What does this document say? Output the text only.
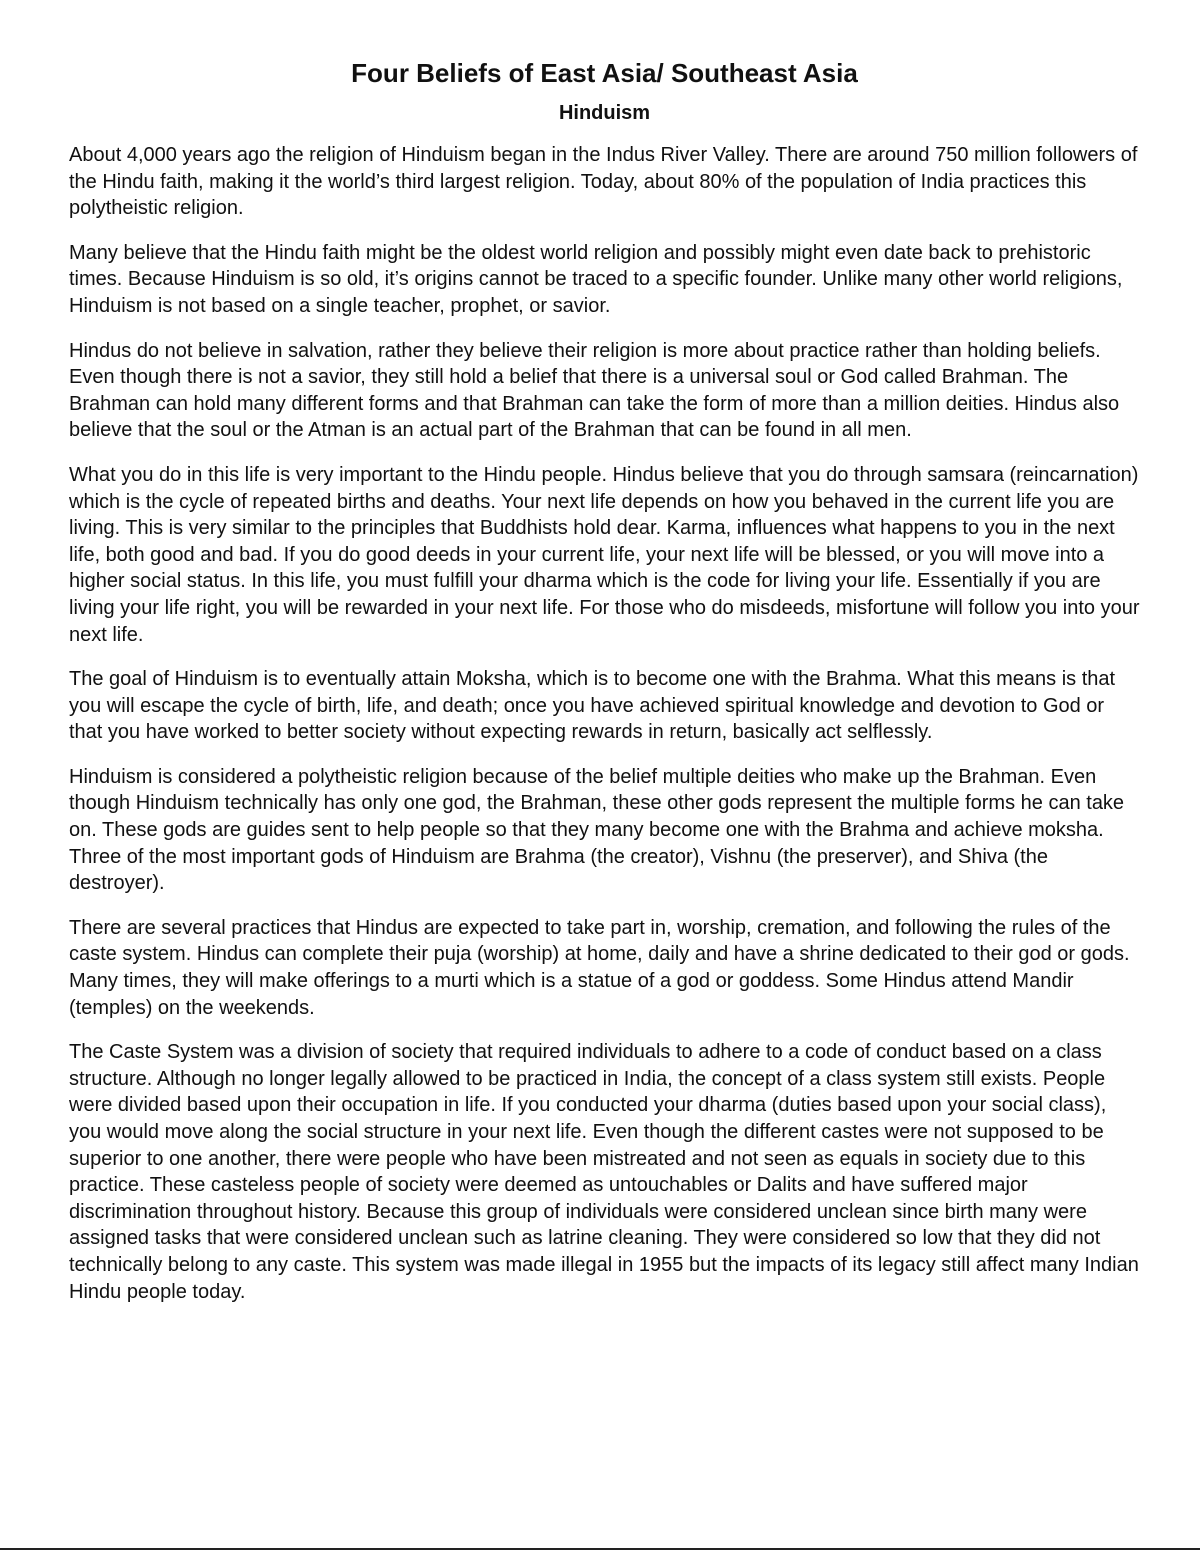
Four Beliefs of East Asia/ Southeast Asia
Hinduism

About 4,000 years ago the religion of Hinduism began in the Indus River Valley. There are around 750 million followers of the Hindu faith, making it the world’s third largest religion. Today, about 80% of the population of India practices this polytheistic religion.

Many believe that the Hindu faith might be the oldest world religion and possibly might even date back to prehistoric times. Because Hinduism is so old, it’s origins cannot be traced to a specific founder. Unlike many other world religions, Hinduism is not based on a single teacher, prophet, or savior.

Hindus do not believe in salvation, rather they believe their religion is more about practice rather than holding beliefs. Even though there is not a savior, they still hold a belief that there is a universal soul or God called Brahman. The Brahman can hold many different forms and that Brahman can take the form of more than a million deities. Hindus also believe that the soul or the Atman is an actual part of the Brahman that can be found in all men.

What you do in this life is very important to the Hindu people. Hindus believe that you do through samsara (reincarnation) which is the cycle of repeated births and deaths. Your next life depends on how you behaved in the current life you are living. This is very similar to the principles that Buddhists hold dear. Karma, influences what happens to you in the next life, both good and bad. If you do good deeds in your current life, your next life will be blessed, or you will move into a higher social status. In this life, you must fulfill your dharma which is the code for living your life. Essentially if you are living your life right, you will be rewarded in your next life. For those who do misdeeds, misfortune will follow you into your next life.

The goal of Hinduism is to eventually attain Moksha, which is to become one with the Brahma. What this means is that you will escape the cycle of birth, life, and death; once you have achieved spiritual knowledge and devotion to God or that you have worked to better society without expecting rewards in return, basically act selflessly.

Hinduism is considered a polytheistic religion because of the belief multiple deities who make up the Brahman. Even though Hinduism technically has only one god, the Brahman, these other gods represent the multiple forms he can take on. These gods are guides sent to help people so that they many become one with the Brahma and achieve moksha. Three of the most important gods of Hinduism are Brahma (the creator), Vishnu (the preserver), and Shiva (the destroyer).

There are several practices that Hindus are expected to take part in, worship, cremation, and following the rules of the caste system. Hindus can complete their puja (worship) at home, daily and have a shrine dedicated to their god or gods. Many times, they will make offerings to a murti which is a statue of a god or goddess. Some Hindus attend Mandir (temples) on the weekends.

The Caste System was a division of society that required individuals to adhere to a code of conduct based on a class structure. Although no longer legally allowed to be practiced in India, the concept of a class system still exists. People were divided based upon their occupation in life. If you conducted your dharma (duties based upon your social class), you would move along the social structure in your next life. Even though the different castes were not supposed to be superior to one another, there were people who have been mistreated and not seen as equals in society due to this practice. These casteless people of society were deemed as untouchables or Dalits and have suffered major discrimination throughout history. Because this group of individuals were considered unclean since birth many were assigned tasks that were considered unclean such as latrine cleaning. They were considered so low that they did not technically belong to any caste. This system was made illegal in 1955 but the impacts of its legacy still affect many Indian Hindu people today.
